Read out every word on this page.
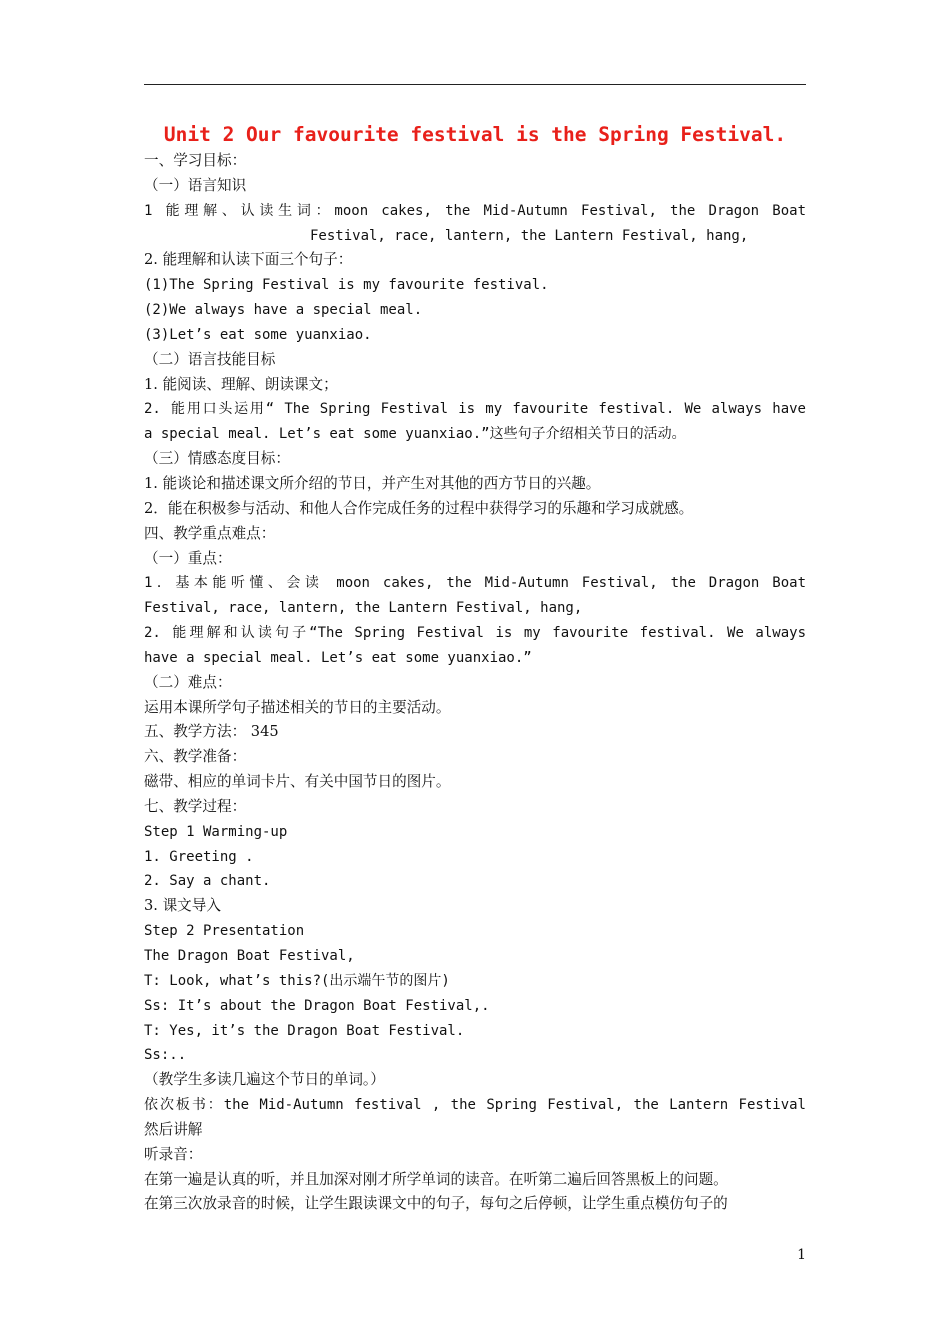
Unit 2 Our favourite festival is the Spring Festival.
一、学习目标：
（一）语言知识
1 能理解、认读生词：moon cakes, the Mid-Autumn Festival, the Dragon Boat
Festival, race, lantern, the Lantern Festival, hang,
2. 能理解和认读下面三个句子：
(1)The Spring Festival is my favourite festival.
(2)We always have a special meal.
(3)Let’s eat some yuanxiao.
（二）语言技能目标
1. 能阅读、理解、朗读课文；
2. 能用口头运用“ The Spring Festival is my favourite festival. We always have
a special meal. Let’s eat some yuanxiao.”这些句子介绍相关节日的活动。
（三）情感态度目标：
1. 能谈论和描述课文所介绍的节日，并产生对其他的西方节日的兴趣。
2．能在积极参与活动、和他人合作完成任务的过程中获得学习的乐趣和学习成就感。
四、教学重点难点：
（一）重点：
1．基本能听懂、会读 moon cakes, the Mid-Autumn Festival, the Dragon Boat
Festival, race, lantern, the Lantern Festival, hang,
2. 能理解和认读句子“The Spring Festival is my favourite festival. We always
have a special meal. Let’s eat some yuanxiao.”
（二）难点：
运用本课所学句子描述相关的节日的主要活动。
五、教学方法： 345
六、教学准备：
磁带、相应的单词卡片、有关中国节日的图片。
七、教学过程：
Step 1 Warming-up
1. Greeting .
2. Say a chant.
3. 课文导入
Step 2 Presentation
The Dragon Boat Festival,
T: Look, what’s this?(出示端午节的图片)
Ss: It’s about the Dragon Boat Festival,.
T: Yes, it’s the Dragon Boat Festival.
Ss:..
（教学生多读几遍这个节日的单词。）
依次板书：the Mid-Autumn festival , the Spring Festival, the Lantern Festival
然后讲解
听录音：
在第一遍是认真的听，并且加深对刚才所学单词的读音。在听第二遍后回答黑板上的问题。
在第三次放录音的时候，让学生跟读课文中的句子，每句之后停顿，让学生重点模仿句子的
1
